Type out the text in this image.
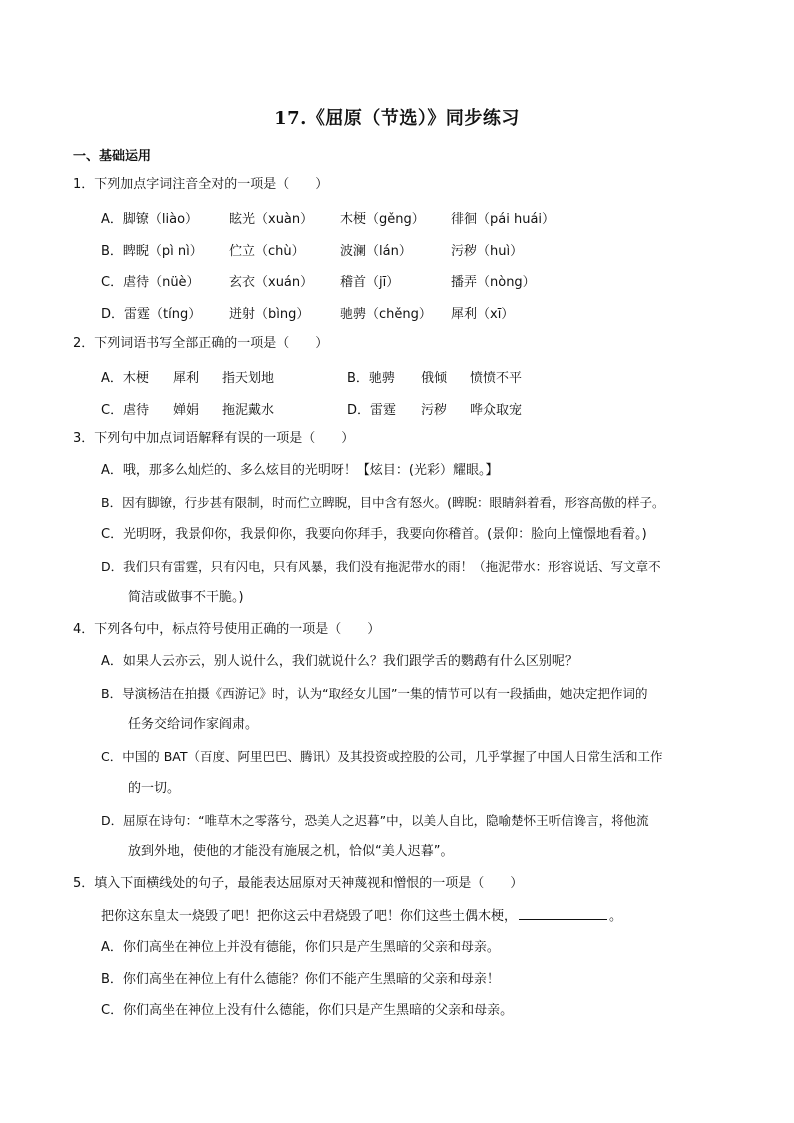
17.《屈原（节选）》同步练习
一、基础运用
1．下列加点字词注音全对的一项是（　　）
A．脚镣（liào） 眩光（xuàn） 木梗（gěng） 徘徊（pái huái）
B．睥睨（pì nì） 伫立（chù）	波澜（lán）	污秽（huì）
C．虐待（nüè） 玄衣（xuán） 稽首（jī）	播弄（nòng）
D．雷霆（tíng） 迸射（bìng） 驰骋（chěng） 犀利（xī）
2．下列词语书写全部正确的一项是（　　）
A．木梗 犀利 指天划地	B．驰骋 俄倾 愤愤不平
C．虐待 婵娟 拖泥戴水	D．雷霆 污秽 哗众取宠
3．下列句中加点词语解释有误的一项是（　　）
A．哦，那多么灿烂的、多么炫目的光明呀！【炫目：(光彩）耀眼。】
B．因有脚镣，行步甚有限制，时而伫立睥睨，目中含有怒火。(睥睨：眼睛斜着看，形容高傲的样子。
C．光明呀，我景仰你，我景仰你，我要向你拜手，我要向你稽首。(景仰：脸向上憧憬地看着。)
D．我们只有雷霆，只有闪电，只有风暴，我们没有拖泥带水的雨！（拖泥带水：形容说话、写文章不
简洁或做事不干脆。)
4．下列各句中，标点符号使用正确的一项是（　　）
A．如果人云亦云，别人说什么，我们就说什么？我们跟学舌的鹦鹉有什么区别呢？
B．导演杨洁在拍摄《西游记》时，认为“取经女儿国”一集的情节可以有一段插曲，她决定把作词的
任务交给词作家阎肃。
C．中国的 BAT（百度、阿里巴巴、腾讯）及其投资或控股的公司，几乎掌握了中国人日常生活和工作
的一切。
D．屈原在诗句：“唯草木之零落兮，恐美人之迟暮”中，以美人自比，隐喻楚怀王听信谗言，将他流
放到外地，使他的才能没有施展之机，恰似“美人迟暮”。
5．填入下面横线处的句子，最能表达屈原对天神蔑视和憎恨的一项是（　　）
把你这东皇太一烧毁了吧！把你这云中君烧毁了吧！你们这些土偶木梗，	。
A．你们高坐在神位上并没有德能，你们只是产生黑暗的父亲和母亲。
B．你们高坐在神位上有什么德能？你们不能产生黑暗的父亲和母亲！
C．你们高坐在神位上没有什么德能，你们只是产生黑暗的父亲和母亲。
